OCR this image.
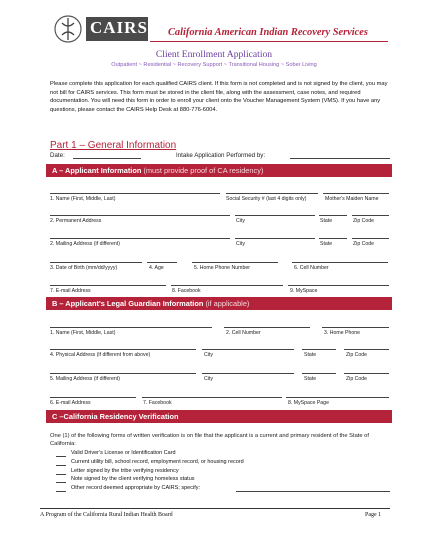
CAIRS California American Indian Recovery Services
Client Enrollment Application
Outpatient ~ Residential ~ Recovery Support ~ Transitional Housing ~ Sober Living
Please complete this application for each qualified CAIRS client. If this form is not completed and is not signed by the client, you may not bill for CAIRS services. This form must be stored in the client file, along with the assessment, case notes, and required documentation. You will need this form in order to enroll your client onto the Voucher Management System (VMS). If you have any questions, please contact the CAIRS Help Desk at 880-776-6004.
Part 1 – General Information
Date:	Intake Application Performed by:
A – Applicant Information (must provide proof of CA residency)
1. Name (First, Middle, Last)	Social Security # (last 4 digits only)	Mother's Maiden Name
2. Permanent Address	City	State	Zip Code
2. Mailing Address (if different)	City	State	Zip Code
3. Date of Birth (mm/dd/yyyy)	4. Age	5. Home Phone Number	6. Cell Number
7. E-mail Address	8. Facebook	9. MySpace
B – Applicant's Legal Guardian Information (if applicable)
1. Name (First, Middle, Last)	2. Cell Number	3. Home Phone
4. Physical Address (if different from above)	City	State	Zip Code
5. Mailing Address (if different)	City	State	Zip Code
6. E-mail Address	7. Facebook	8. MySpace Page
C –California Residency Verification
One (1) of the following forms of written verification is on file that the applicant is a current and primary resident of the State of California:
Valid Driver's License or Identification Card
Current utility bill, school record, employment record, or housing record
Letter signed by the tribe verifying residency
Note signed by the client verifying homeless status
Other record deemed appropriate by CAIRS; specify:
A Program of the California Rural Indian Health Board	Page 1
